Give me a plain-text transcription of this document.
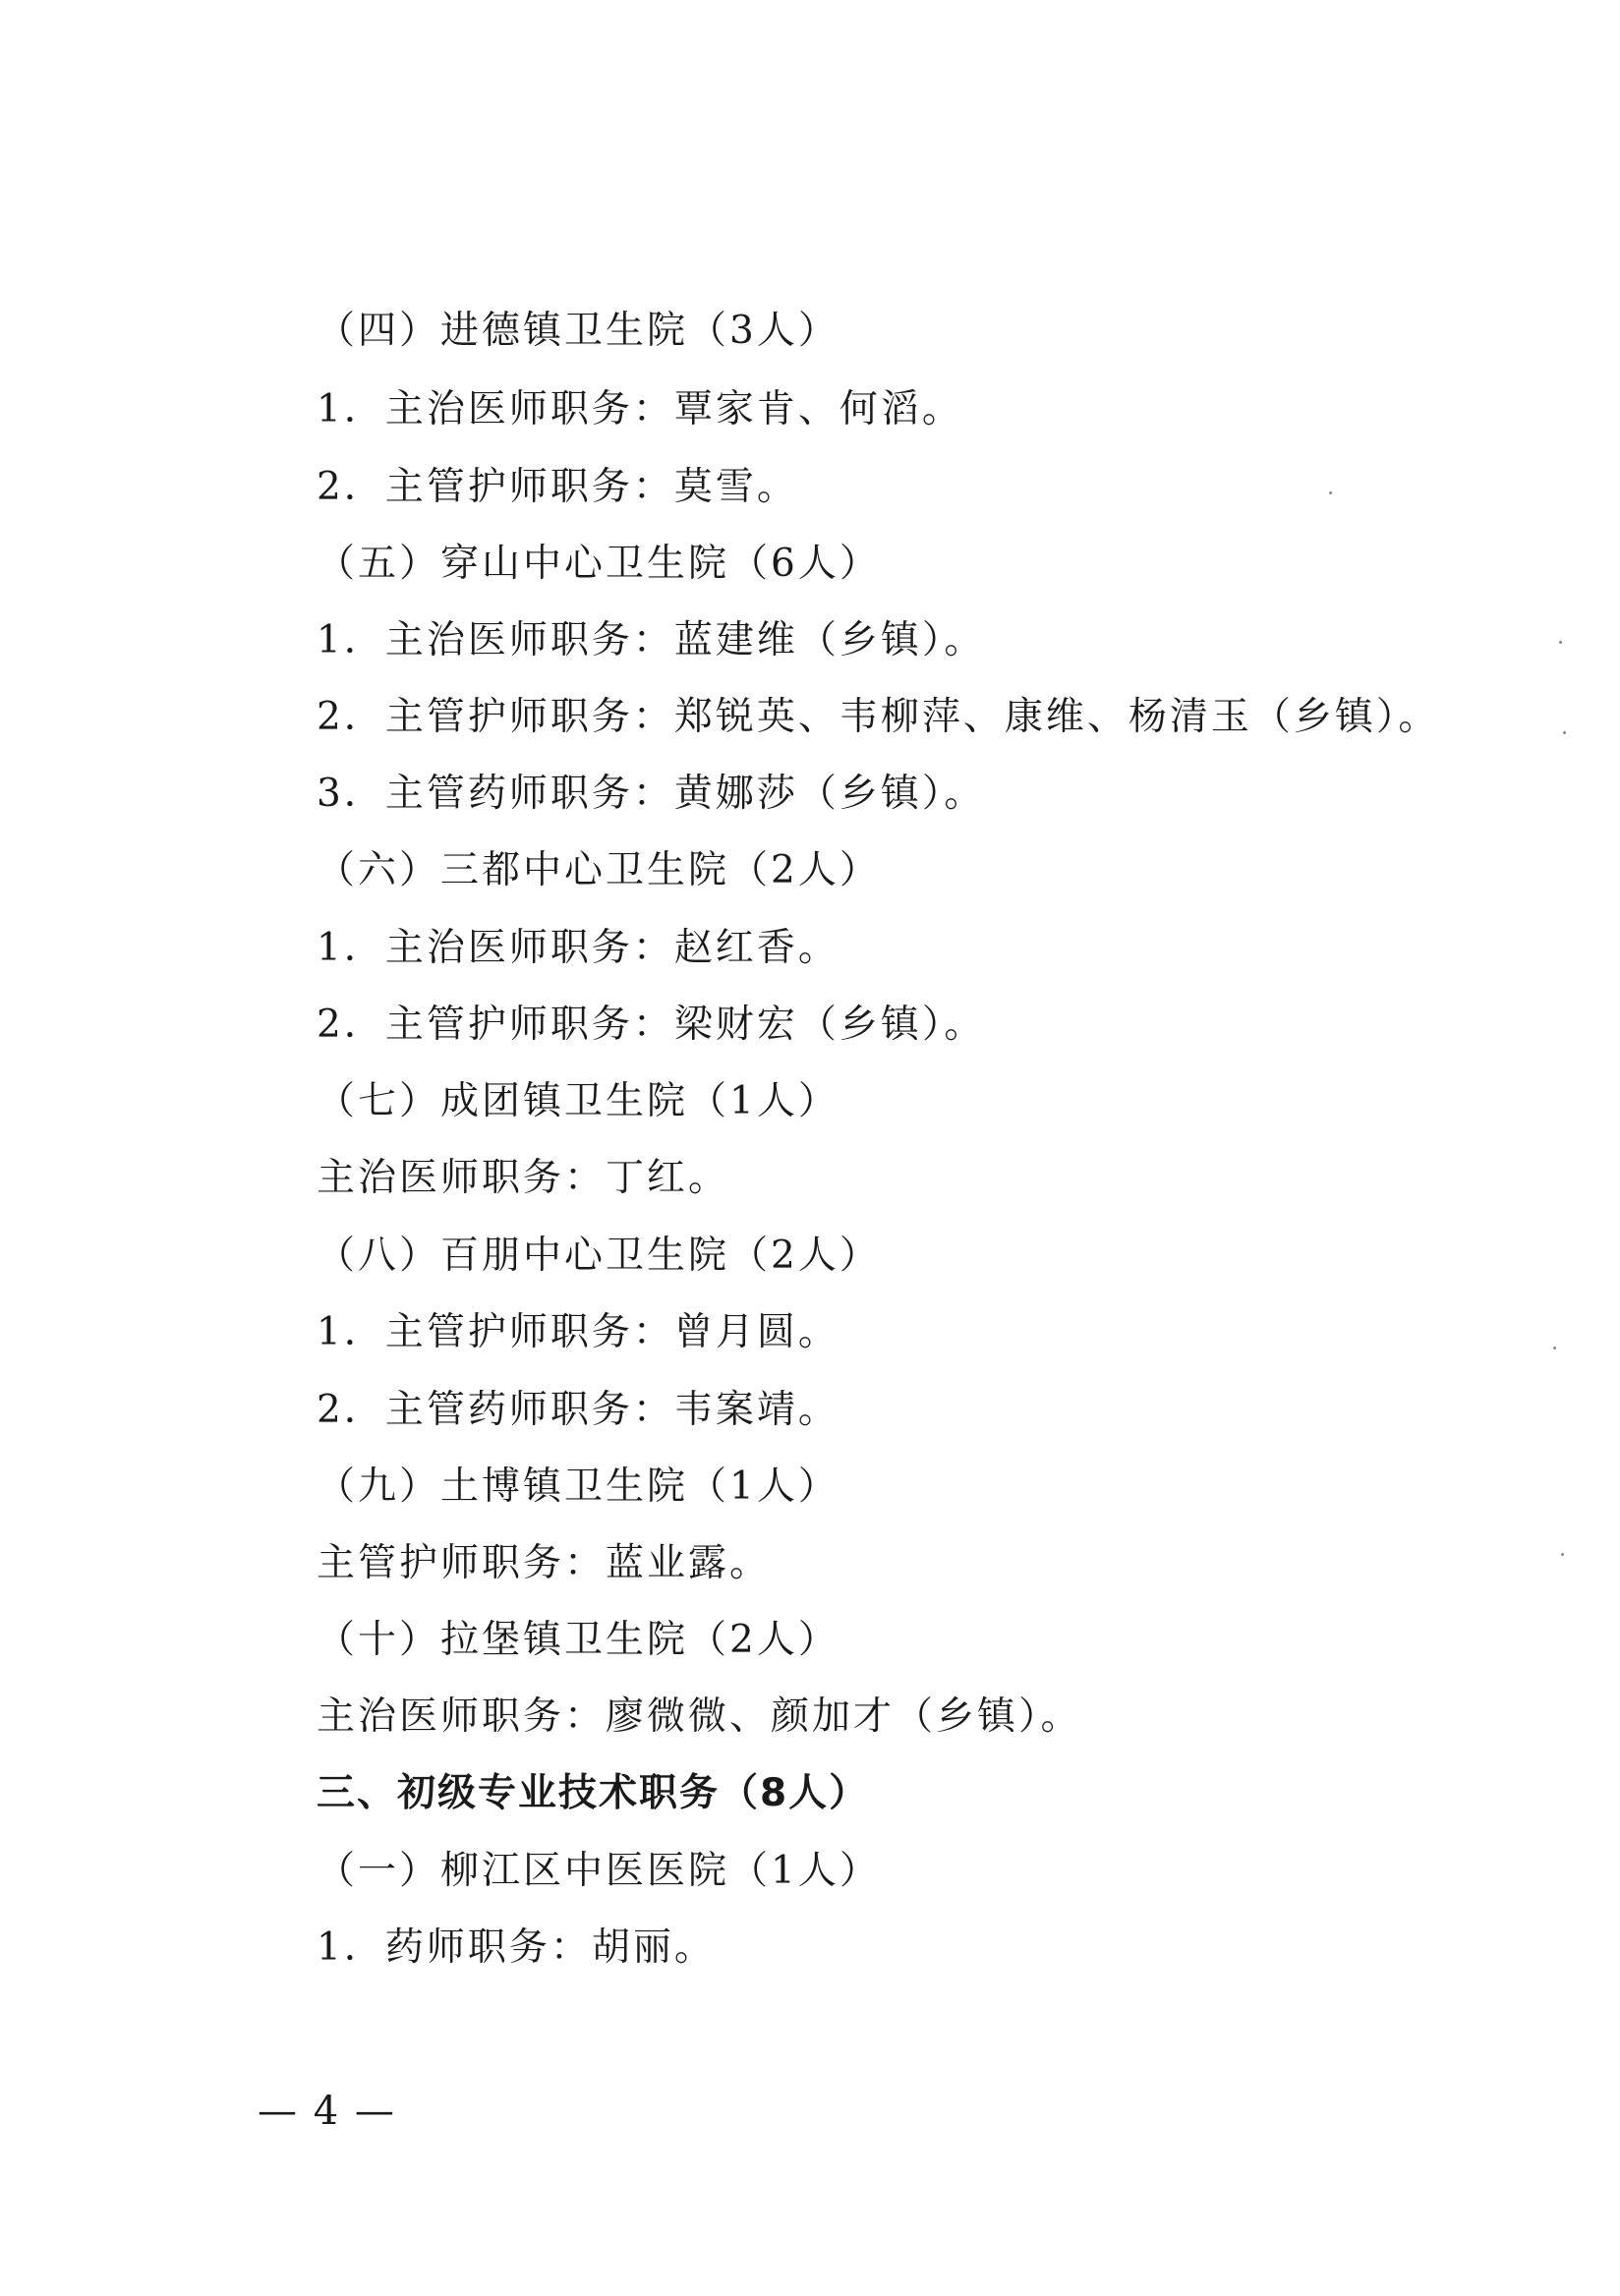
（四）进德镇卫生院（3人）
1．主治医师职务：覃家肯、何滔。
2．主管护师职务：莫雪。
（五）穿山中心卫生院（6人）
1．主治医师职务：蓝建维（乡镇）。
2．主管护师职务：郑锐英、韦柳萍、康维、杨清玉（乡镇）。
3．主管药师职务：黄娜莎（乡镇）。
（六）三都中心卫生院（2人）
1．主治医师职务：赵红香。
2．主管护师职务：梁财宏（乡镇）。
（七）成团镇卫生院（1人）
主治医师职务：丁红。
（八）百朋中心卫生院（2人）
1．主管护师职务：曾月圆。
2．主管药师职务：韦案靖。
（九）土博镇卫生院（1人）
主管护师职务：蓝业露。
（十）拉堡镇卫生院（2人）
主治医师职务：廖微微、颜加才（乡镇）。
三、初级专业技术职务（8人）
（一）柳江区中医医院（1人）
1．药师职务：胡丽。
— 4 —
